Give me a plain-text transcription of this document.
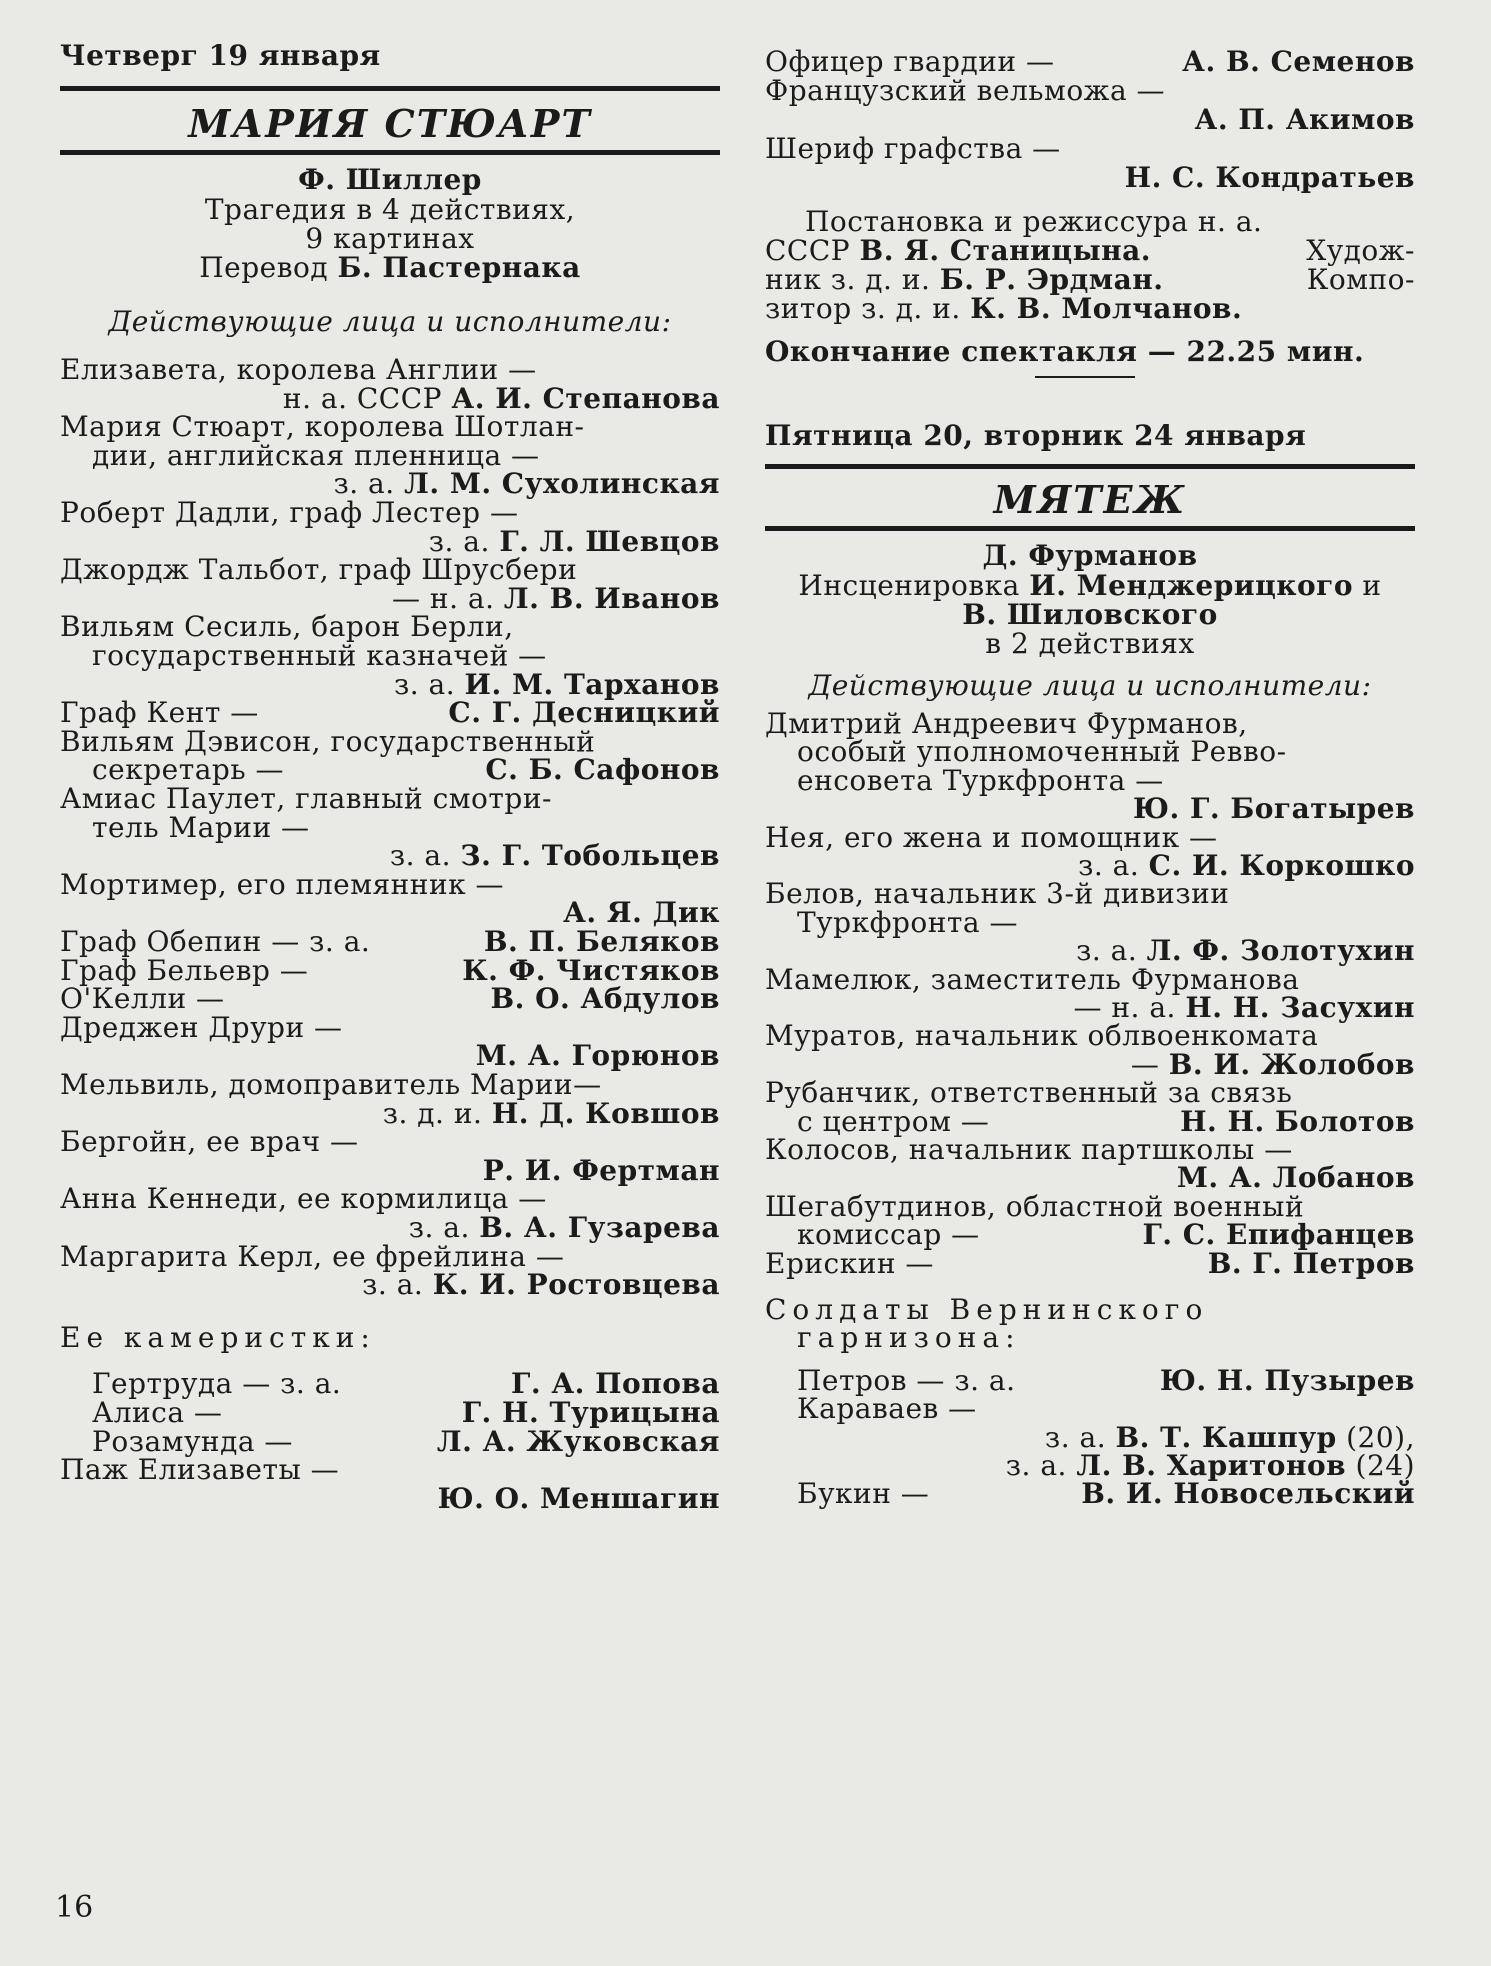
Четверг 19 января
МАРИЯ СТЮАРТ
Ф. Шиллер
Трагедия в 4 действиях,
9 картинах
Перевод Б. Пастернака
Действующие лица и исполнители:
Елизавета, королева Англии —
н. а. СССР А. И. Степанова
Мария Стюарт, королева Шотлан-
дии, английская пленница —
з. а. Л. М. Сухолинская
Роберт Дадли, граф Лестер —
з. а. Г. Л. Шевцов
Джордж Тальбот, граф Шрусбери
— н. а. Л. В. Иванов
Вильям Сесиль, барон Берли,
государственный казначей —
з. а. И. М. Тарханов
Граф Кент —	С. Г. Десницкий
Вильям Дэвисон, государственный
секретарь —	С. Б. Сафонов
Амиас Паулет, главный смотри-
тель Марии —
з. а. З. Г. Тобольцев
Мортимер, его племянник —
А. Я. Дик
Граф Обепин — з. а.	В. П. Беляков
Граф Бельевр —	К. Ф. Чистяков
О'Келли —	В. О. Абдулов
Дреджен Друри —
М. А. Горюнов
Мельвиль, домоправитель Марии—
з. д. и. Н. Д. Ковшов
Бергойн, ее врач —
Р. И. Фертман
Анна Кеннеди, ее кормилица —
з. а. В. А. Гузарева
Маргарита Керл, ее фрейлина —
з. а. К. И. Ростовцева
Ее камеристки:
Гертруда — з. а.	Г. А. Попова
Алиса —	Г. Н. Турицына
Розамунда —	Л. А. Жуковская
Паж Елизаветы —
Ю. О. Меншагин
Офицер гвардии —	А. В. Семенов
Французский вельможа —
А. П. Акимов
Шериф графства —
Н. С. Кондратьев
Постановка и режиссура н. а.
СССР В. Я. Станицына.	Худож-
ник з. д. и. Б. Р. Эрдман.	Компо-
зитор з. д. и. К. В. Молчанов.
Окончание спектакля — 22.25 мин.
Пятница 20, вторник 24 января
МЯТЕЖ
Д. Фурманов
Инсценировка И. Менджерицкого и
В. Шиловского
в 2 действиях
Действующие лица и исполнители:
Дмитрий Андреевич Фурманов,
особый уполномоченный Ревво-
енсовета Туркфронта —
Ю. Г. Богатырев
Нея, его жена и помощник —
з. а. С. И. Коркошко
Белов, начальник 3-й дивизии
Туркфронта —
з. а. Л. Ф. Золотухин
Мамелюк, заместитель Фурманова
— н. а. Н. Н. Засухин
Муратов, начальник облвоенкомата
— В. И. Жолобов
Рубанчик, ответственный за связь
с центром —	Н. Н. Болотов
Колосов, начальник партшколы —
М. А. Лобанов
Шегабутдинов, областной военный
комиссар —	Г. С. Епифанцев
Ерискин —	В. Г. Петров
Солдаты Вернинского
гарнизона:
Петров — з. а.	Ю. Н. Пузырев
Караваев —
з. а. В. Т. Кашпур (20),
з. а. Л. В. Харитонов (24)
Букин —	В. И. Новосельский
16
